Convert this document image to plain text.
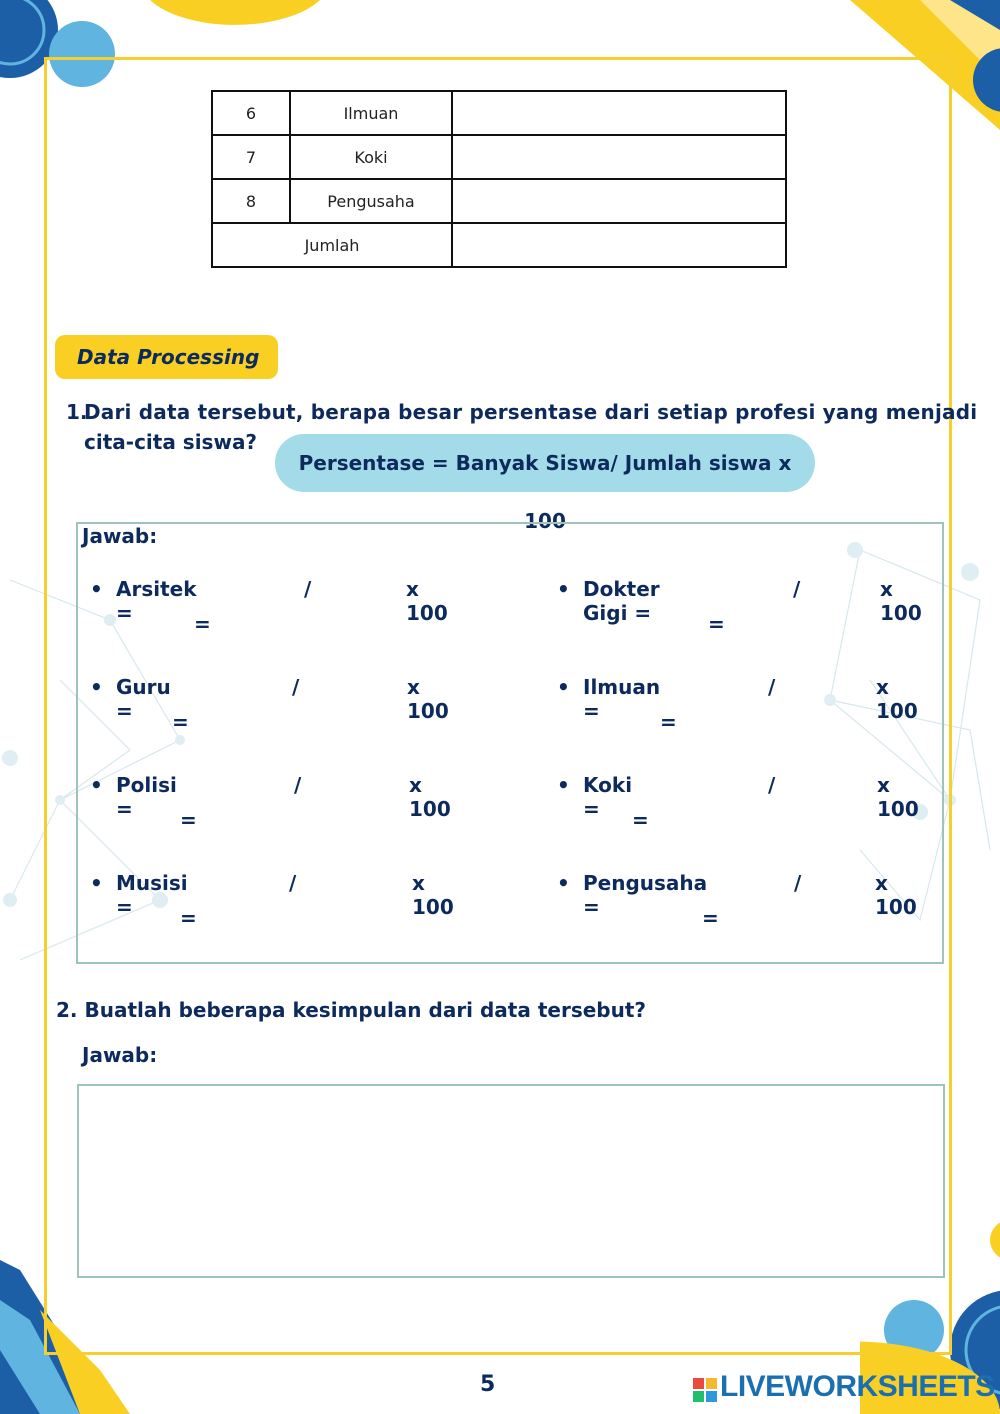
6	Ilmuan	
7	Koki	
8	Pengusaha	
Jumlah		
Data Processing
1.
Dari data tersebut, berapa besar persentase dari setiap profesi yang menjadi
cita-cita siswa?
Persentase = Banyak Siswa/ Jumlah siswa x 100
Jawab:
• Arsitek =
/	x 100
=
• Guru =
/	x 100
=
• Polisi =
/	x 100
=
• Musisi =
/	x 100
=
• Dokter Gigi =
/	x 100
=
• Ilmuan =
/	x 100
=
• Koki =
/	x 100
=
• Pengusaha =
/	x 100
=
2. Buatlah beberapa kesimpulan dari data tersebut?
Jawab:
5	LIVEWORKSHEETS
